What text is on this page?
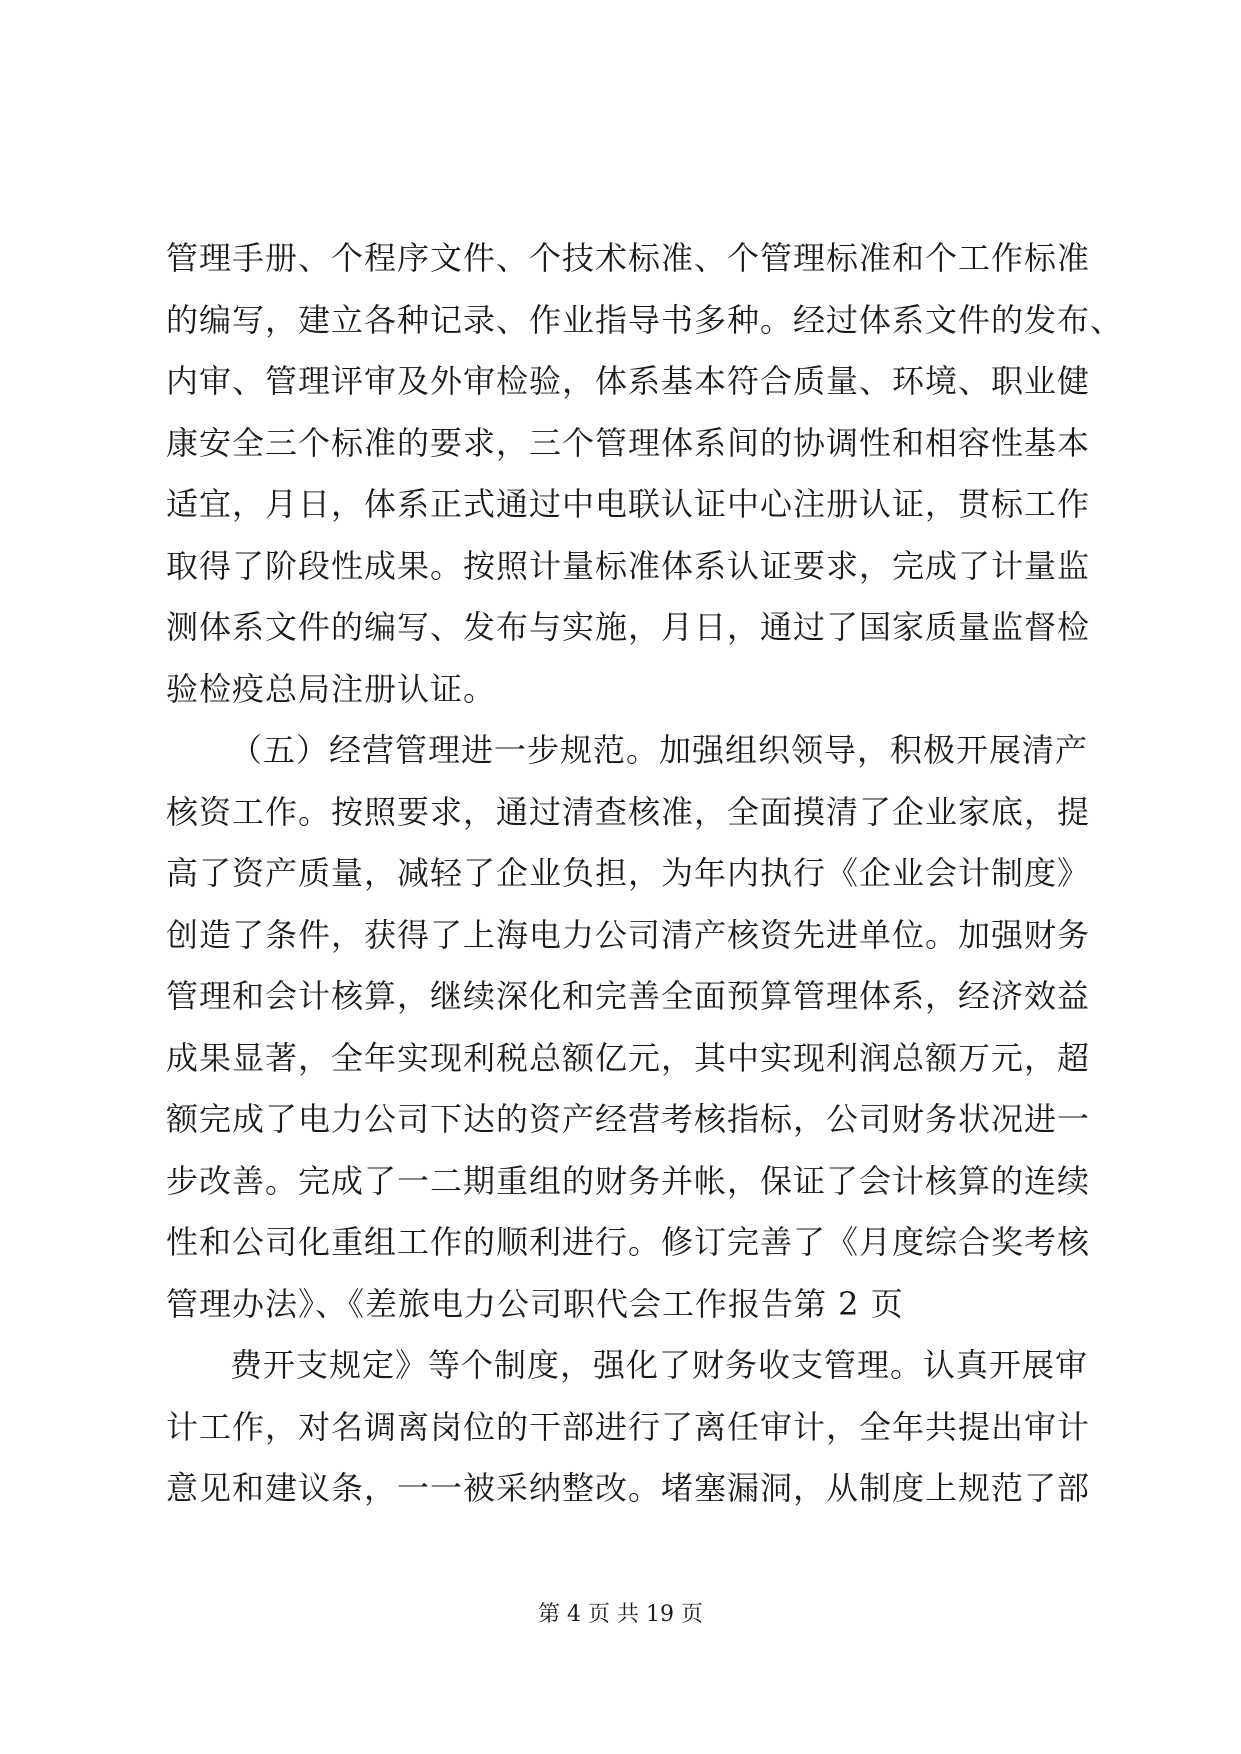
管理手册、个程序文件、个技术标准、个管理标准和个工作标准
的编写，建立各种记录、作业指导书多种。经过体系文件的发布、
内审、管理评审及外审检验，体系基本符合质量、环境、职业健
康安全三个标准的要求，三个管理体系间的协调性和相容性基本
适宜，月日，体系正式通过中电联认证中心注册认证，贯标工作
取得了阶段性成果。按照计量标准体系认证要求，完成了计量监
测体系文件的编写、发布与实施，月日，通过了国家质量监督检
验检疫总局注册认证。
（五）经营管理进一步规范。加强组织领导，积极开展清产
核资工作。按照要求，通过清查核准，全面摸清了企业家底，提
高了资产质量，减轻了企业负担，为年内执行《企业会计制度》
创造了条件，获得了上海电力公司清产核资先进单位。加强财务
管理和会计核算，继续深化和完善全面预算管理体系，经济效益
成果显著，全年实现利税总额亿元，其中实现利润总额万元，超
额完成了电力公司下达的资产经营考核指标，公司财务状况进一
步改善。完成了一二期重组的财务并帐，保证了会计核算的连续
性和公司化重组工作的顺利进行。修订完善了《月度综合奖考核
管理办法》、《差旅电力公司职代会工作报告第 2 页
费开支规定》等个制度，强化了财务收支管理。认真开展审
计工作，对名调离岗位的干部进行了离任审计，全年共提出审计
意见和建议条，一一被采纳整改。堵塞漏洞，从制度上规范了部
第 4 页 共 19 页
